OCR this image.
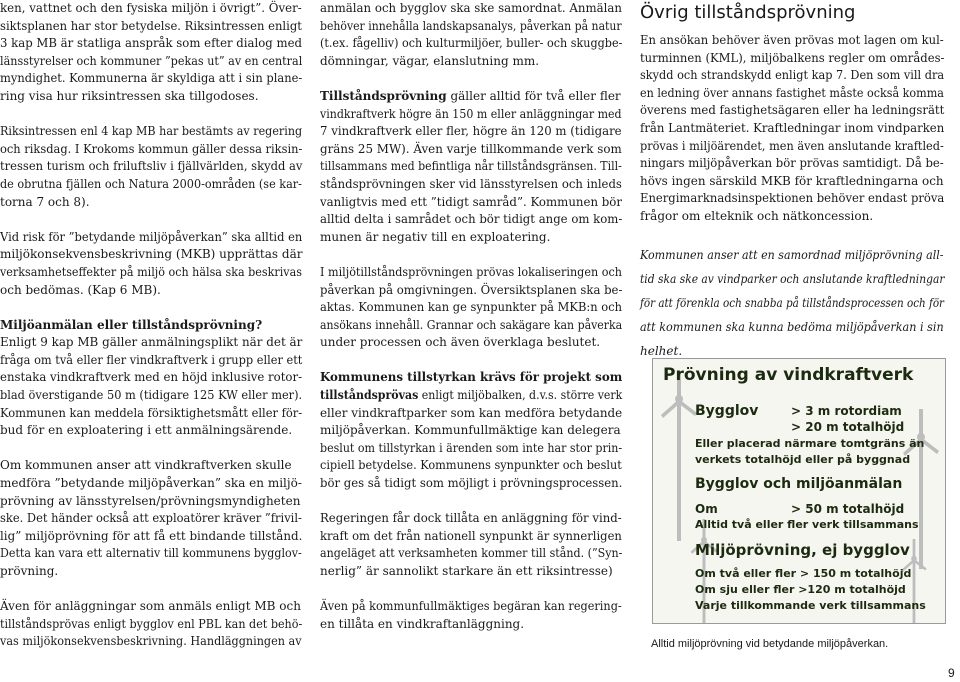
ken, vattnet och den fysiska miljön i övrigt”. Över-
siktsplanen har stor betydelse. Riksintressen enligt
3 kap MB är statliga anspråk som efter dialog med
länsstyrelser och kommuner ”pekas ut” av en central
myndighet. Kommunerna är skyldiga att i sin plane-
ring visa hur riksintressen ska tillgodoses.
Riksintressen enl 4 kap MB har bestämts av regering
och riksdag. I Krokoms kommun gäller dessa riksin-
tressen turism och friluftsliv i fjällvärlden, skydd av
de obrutna fjällen och Natura 2000-områden (se kar-
torna 7 och 8).
Vid risk för ”betydande miljöpåverkan” ska alltid en
miljökonsekvensbeskrivning (MKB) upprättas där
verksamhetseffekter på miljö och hälsa ska beskrivas
och bedömas. (Kap 6 MB).
Miljöanmälan eller tillståndsprövning?
Enligt 9 kap MB gäller anmälningsplikt när det är
fråga om två eller fler vindkraftverk i grupp eller ett
enstaka vindkraftverk med en höjd inklusive rotor-
blad överstigande 50 m (tidigare 125 KW eller mer).
Kommunen kan meddela försiktighetsmått eller för-
bud för en exploatering i ett anmälningsärende.
Om kommunen anser att vindkraftverken skulle
medföra ”betydande miljöpåverkan” ska en miljö-
prövning av länsstyrelsen/prövningsmyndigheten
ske. Det händer också att exploatörer kräver ”frivil-
lig” miljöprövning för att få ett bindande tillstånd.
Detta kan vara ett alternativ till kommunens bygglov-
prövning.
Även för anläggningar som anmäls enligt MB och
tillståndsprövas enligt bygglov enl PBL kan det behö-
vas miljökonsekvensbeskrivning. Handläggningen av
anmälan och bygglov ska ske samordnat. Anmälan
behöver innehålla landskapsanalys, påverkan på natur
(t.ex. fågelliv) och kulturmiljöer, buller- och skuggbe-
dömningar, vägar, elanslutning mm.
Tillståndsprövning gäller alltid för två eller fler
vindkraftverk högre än 150 m eller anläggningar med
7 vindkraftverk eller fler, högre än 120 m (tidigare
gräns 25 MW). Även varje tillkommande verk som
tillsammans med befintliga når tillståndsgränsen. Till-
ståndsprövningen sker vid länsstyrelsen och inleds
vanligtvis med ett ”tidigt samråd”. Kommunen bör
alltid delta i samrådet och bör tidigt ange om kom-
munen är negativ till en exploatering.
I miljötillståndsprövningen prövas lokaliseringen och
påverkan på omgivningen. Översiktsplanen ska be-
aktas. Kommunen kan ge synpunkter på MKB:n och
ansökans innehåll. Grannar och sakägare kan påverka
under processen och även överklaga beslutet.
Kommunens tillstyrkan krävs för projekt som
tillståndsprövas enligt miljöbalken, d.v.s. större verk
eller vindkraftparker som kan medföra betydande
miljöpåverkan. Kommunfullmäktige kan delegera
beslut om tillstyrkan i ärenden som inte har stor prin-
cipiell betydelse. Kommunens synpunkter och beslut
bör ges så tidigt som möjligt i prövningsprocessen.
Regeringen får dock tillåta en anläggning för vind-
kraft om det från nationell synpunkt är synnerligen
angeläget att verksamheten kommer till stånd. (”Syn-
nerlig” är sannolikt starkare än ett riksintresse)
Även på kommunfullmäktiges begäran kan regering-
en tillåta en vindkraftanläggning.
Övrig tillståndsprövning
En ansökan behöver även prövas mot lagen om kul-
turminnen (KML), miljöbalkens regler om områdes-
skydd och strandskydd enligt kap 7. Den som vill dra
en ledning över annans fastighet måste också komma
överens med fastighetsägaren eller ha ledningsrätt
från Lantmäteriet. Kraftledningar inom vindparken
prövas i miljöärendet, men även anslutande kraftled-
ningars miljöpåverkan bör prövas samtidigt. Då be-
hövs ingen särskild MKB för kraftledningarna och
Energimarknadsinspektionen behöver endast pröva
frågor om elteknik och nätkoncession.
Kommunen anser att en samordnad miljöprövning all-
tid ska ske av vindparker och anslutande kraftledningar
för att förenkla och snabba på tillståndsprocessen och för
att kommunen ska kunna bedöma miljöpåverkan i sin
helhet.
Prövning av vindkraftverk
Bygglov	> 3 m rotordiam
> 20 m totalhöjd
Eller placerad närmare tomtgräns än
verkets totalhöjd eller på byggnad
Bygglov och miljöanmälan
Om	> 50 m totalhöjd
Alltid två eller fler verk tillsammans
Miljöprövning, ej bygglov
Om två eller fler > 150 m totalhöjd
Om sju eller fler >120 m totalhöjd
Varje tillkommande verk tillsammans
Alltid miljöprövning vid betydande miljöpåverkan.
9
